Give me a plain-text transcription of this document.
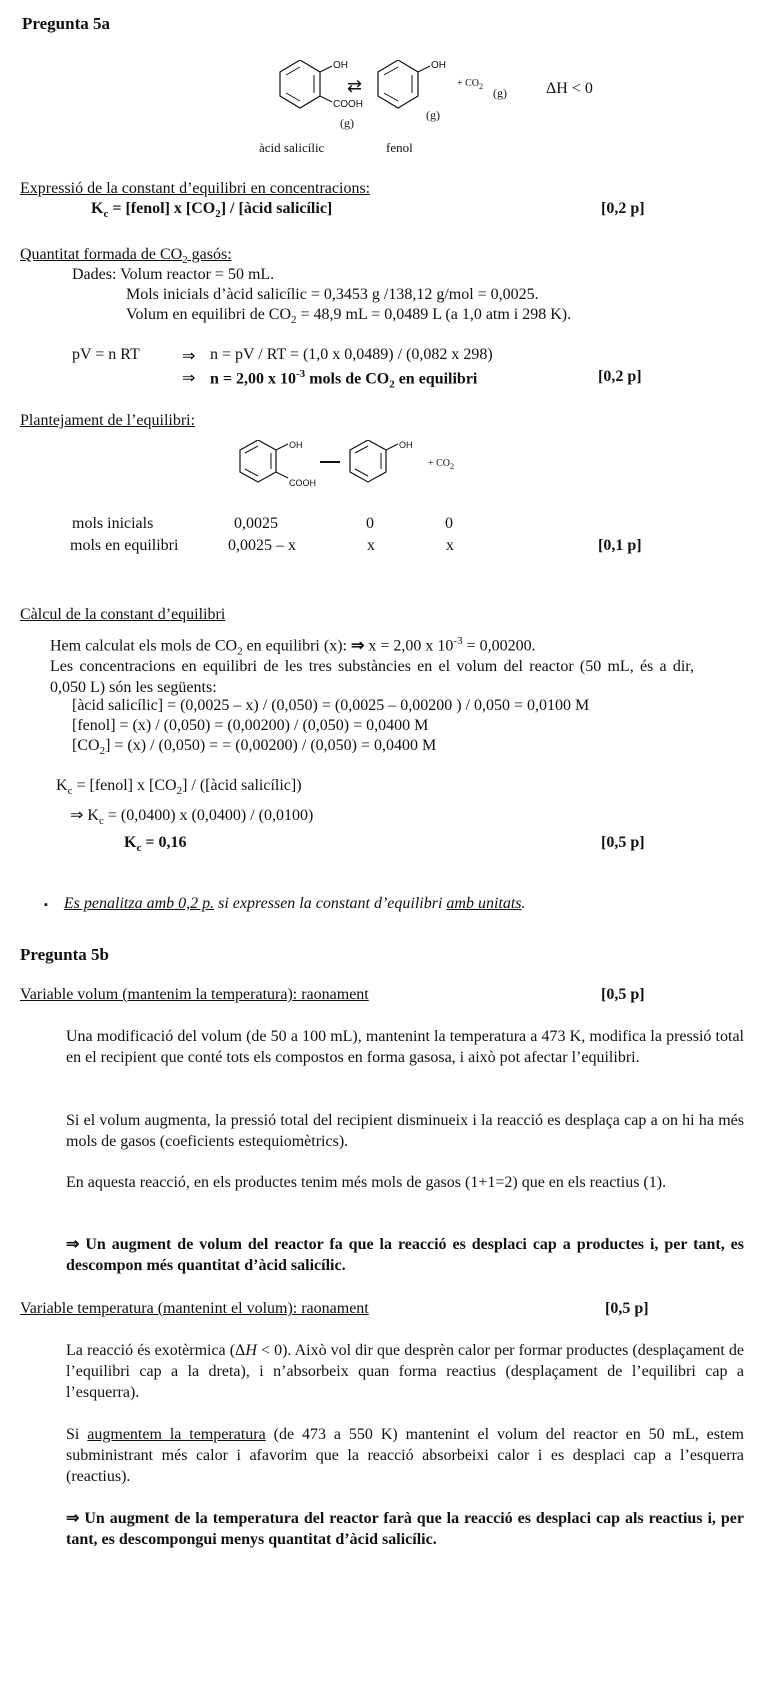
Pregunta 5a
OH
COOH
(g)
⇄
OH
(g)
+ $CO_2$ (g) ΔH < 0
àcid salicílic	fenol
Expressió de la constant d’equilibri en concentracions:
$K_c$ = [fenol] x $[CO_2]$ / [àcid salicílic]	[0,2 p]
Quantitat formada de $CO_2$ gasós:
Dades: Volum reactor = 50 mL.
Mols inicials d’àcid salicílic = 0,3453 g /138,12 g/mol = 0,0025.
Volum en equilibri de $CO_2 = 48,9$ mL = 0,0489 L (a 1,0 atm i 298 K).
pV = n RT	⇒ n = pV / RT = (1,0 x 0,0489) / (0,082 x 298)
⇒ n = 2,00 x $10^{-3}$ mols de $CO_2$ en equilibri	[0,2 p]
Plantejament de l’equilibri:
OH
COOH
OH
+ $CO_2$
mols inicials	0,0025	0	0
mols en equilibri	0,0025 – x	x	x	[0,1 p]
Càlcul de la constant d’equilibri
Hem calculat els mols de $CO_2$ en equilibri (x): ⇒ x = 2,00 x $10^{-3} = 0,00200$.
Les concentracions en equilibri de les tres substàncies en el volum del reactor (50 mL, és a dir, 0,050 L) són les següents:
[àcid salicílic] = (0,0025 – x) / (0,050) = (0,0025 – 0,00200 ) / 0,050 = 0,0100 M
[fenol] = (x) / (0,050) = (0,00200) / (0,050) = 0,0400 M
$[CO_2] = (x) / (0,050)$ = = (0,00200) / (0,050) = 0,0400 M
$K_c$ = [fenol] x $[CO_2]$ / ([àcid salicílic])
⇒ $K_c = (0,0400)$ x (0,0400) / (0,0100)
$K_c = 0,16$	[0,5 p]
▪ Es penalitza amb 0,2 p. si expressen la constant d’equilibri amb unitats.
Pregunta 5b
Variable volum (mantenim la temperatura): raonament	[0,5 p]
Una modificació del volum (de 50 a 100 mL), mantenint la temperatura a 473 K, modifica la pressió total en el recipient que conté tots els compostos en forma gasosa, i això pot afectar l’equilibri.
Si el volum augmenta, la pressió total del recipient disminueix i la reacció es desplaça cap a on hi ha més mols de gasos (coeficients estequiomètrics).
En aquesta reacció, en els productes tenim més mols de gasos (1+1=2) que en els reactius (1).
⇒ Un augment de volum del reactor fa que la reacció es desplaci cap a productes i, per tant, es descompon més quantitat d’àcid salicílic.
Variable temperatura (mantenint el volum): raonament	[0,5 p]
La reacció és exotèrmica (ΔH < 0). Això vol dir que desprèn calor per formar productes (desplaçament de l’equilibri cap a la dreta), i n’absorbeix quan forma reactius (desplaçament de l’equilibri cap a l’esquerra).
Si augmentem la temperatura (de 473 a 550 K) mantenint el volum del reactor en 50 mL, estem subministrant més calor i afavorim que la reacció absorbeixi calor i es desplaci cap a l’esquerra (reactius).
⇒ Un augment de la temperatura del reactor farà que la reacció es desplaci cap als reactius i, per tant, es descompongui menys quantitat d’àcid salicílic.
